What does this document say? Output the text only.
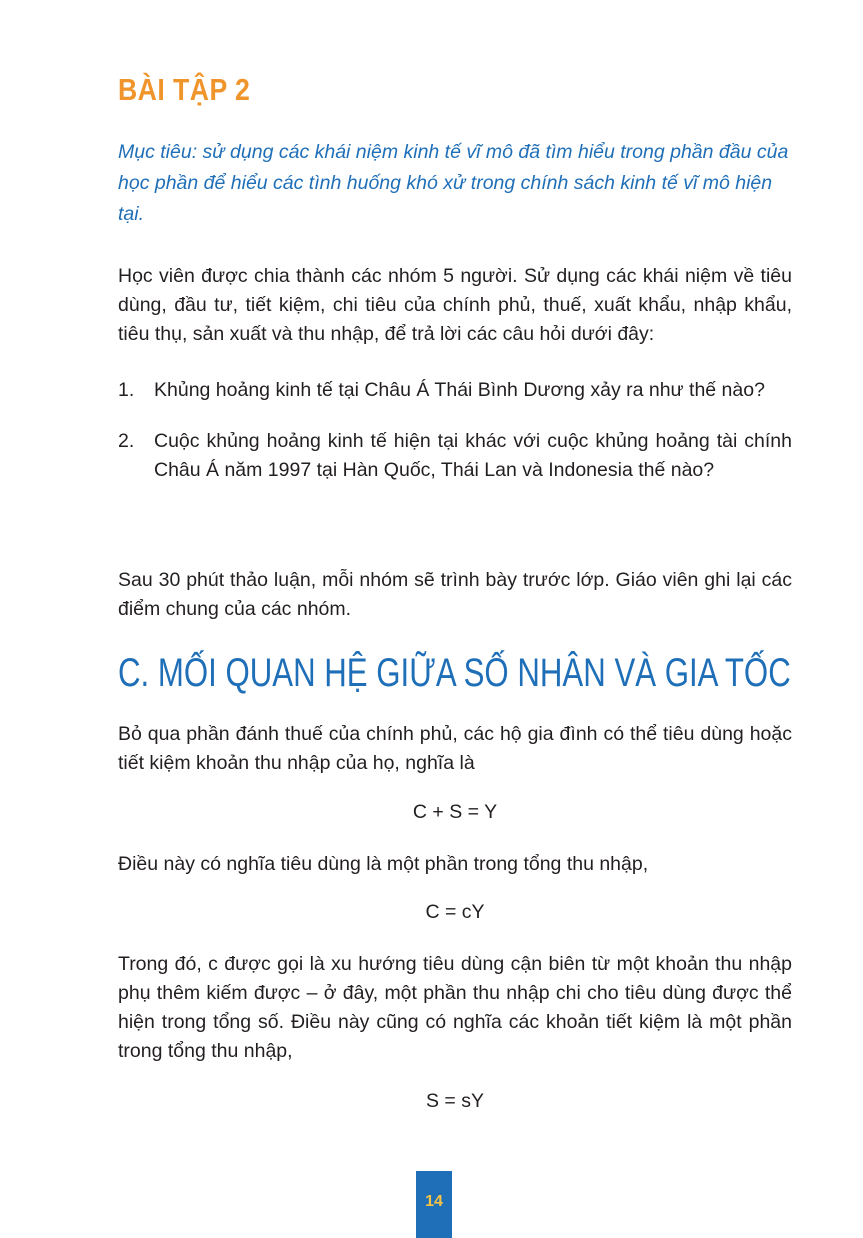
BÀI TẬP 2

Mục tiêu: sử dụng các khái niệm kinh tế vĩ mô đã tìm hiểu trong phần đầu của học phần để hiểu các tình huống khó xử trong chính sách kinh tế vĩ mô hiện tại.

Học viên được chia thành các nhóm 5 người. Sử dụng các khái niệm về tiêu dùng, đầu tư, tiết kiệm, chi tiêu của chính phủ, thuế, xuất khẩu, nhập khẩu, tiêu thụ, sản xuất và thu nhập, để trả lời các câu hỏi dưới đây:

1.	Khủng hoảng kinh tế tại Châu Á Thái Bình Dương xảy ra như thế nào?
2.	Cuộc khủng hoảng kinh tế hiện tại khác với cuộc khủng hoảng tài chính Châu Á năm 1997 tại Hàn Quốc, Thái Lan và Indonesia thế nào?

Sau 30 phút thảo luận, mỗi nhóm sẽ trình bày trước lớp. Giáo viên ghi lại các điểm chung của các nhóm.

C. MỐI QUAN HỆ GIỮA SỐ NHÂN VÀ GIA TỐC

Bỏ qua phần đánh thuế của chính phủ, các hộ gia đình có thể tiêu dùng hoặc tiết kiệm khoản thu nhập của họ, nghĩa là

C + S = Y

Điều này có nghĩa tiêu dùng là một phần trong tổng thu nhập,

C = cY

Trong đó, c được gọi là xu hướng tiêu dùng cận biên từ một khoản thu nhập phụ thêm kiếm được – ở đây, một phần thu nhập chi cho tiêu dùng được thể hiện trong tổng số. Điều này cũng có nghĩa các khoản tiết kiệm là một phần trong tổng thu nhập,

S = sY

14
